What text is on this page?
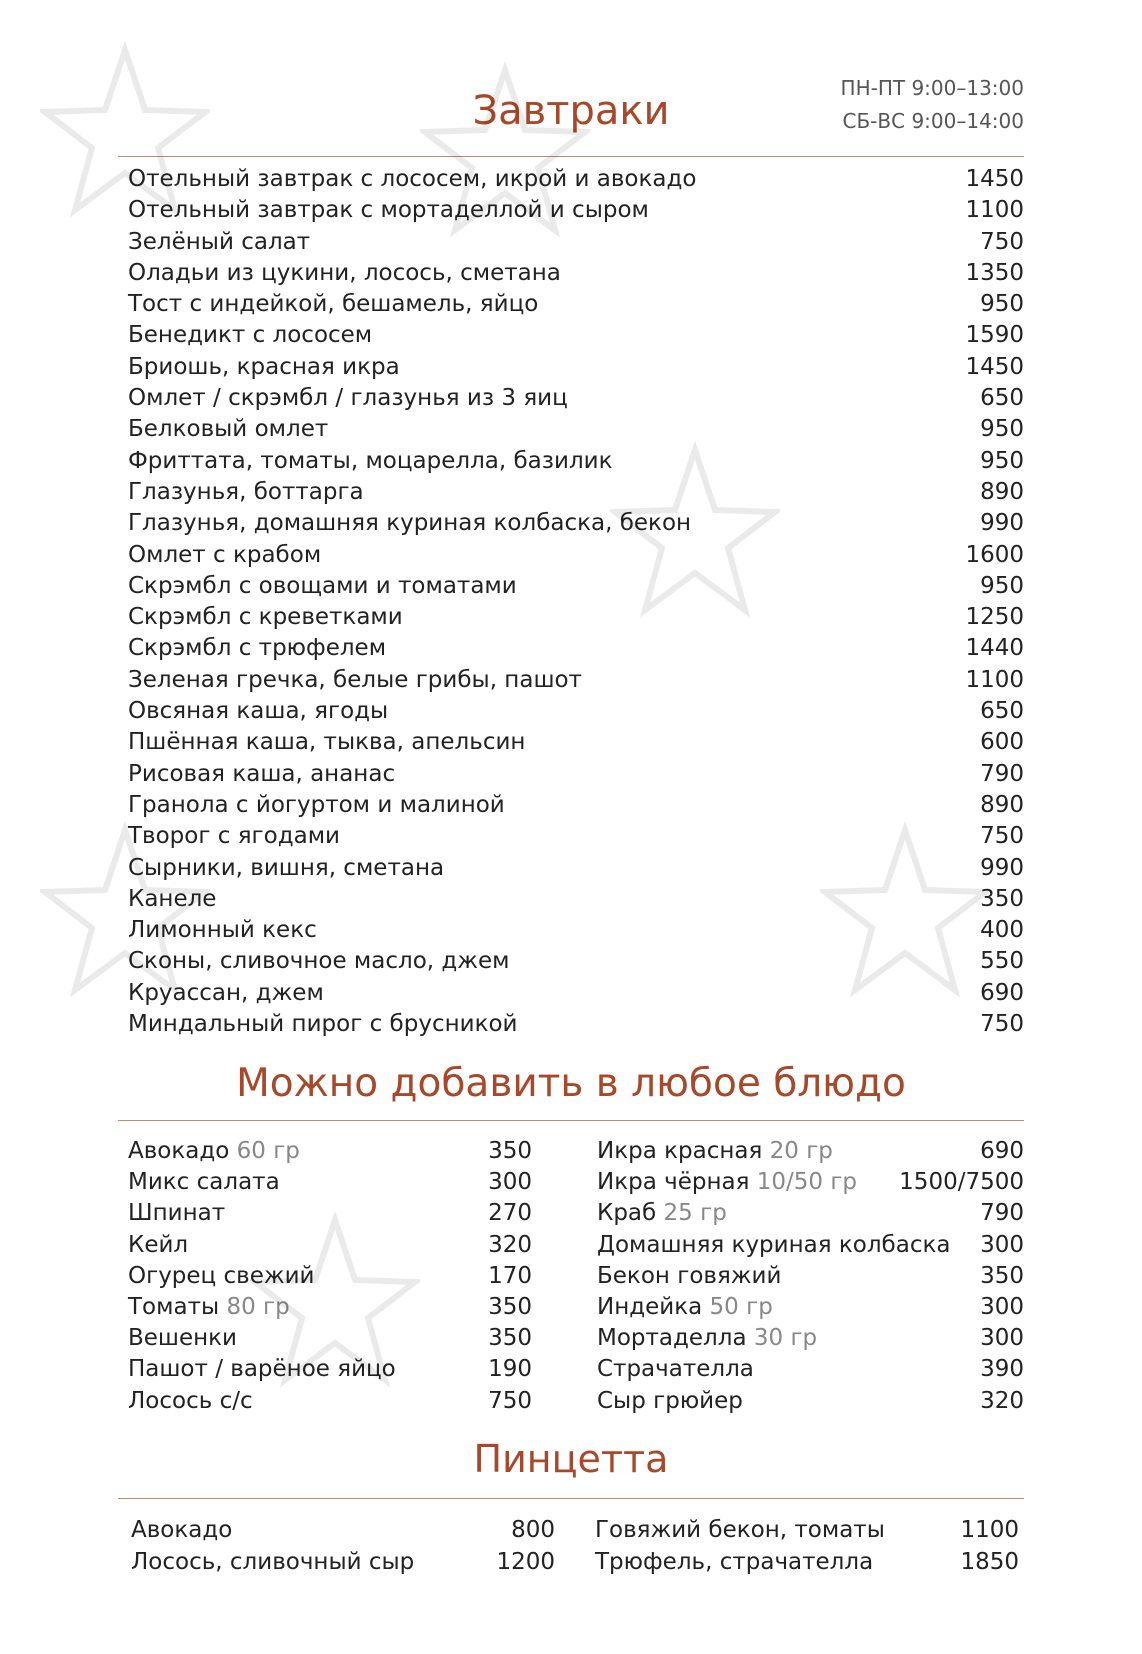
ПН-ПТ 9:00–13:00
СБ-ВС 9:00–14:00
Завтраки
Отельный завтрак с лососем, икрой и авокадо	1450
Отельный завтрак с мортаделлой и сыром	1100
Зелёный салат	750
Оладьи из цукини, лосось, сметана	1350
Тост с индейкой, бешамель, яйцо	950
Бенедикт с лососем	1590
Бриошь, красная икра	1450
Омлет / скрэмбл / глазунья из 3 яиц	650
Белковый омлет	950
Фриттата, томаты, моцарелла, базилик	950
Глазунья, боттарга	890
Глазунья, домашняя куриная колбаска, бекон	990
Омлет с крабом	1600
Скрэмбл с овощами и томатами	950
Скрэмбл с креветками	1250
Скрэмбл с трюфелем	1440
Зеленая гречка, белые грибы, пашот	1100
Овсяная каша, ягоды	650
Пшённая каша, тыква, апельсин	600
Рисовая каша, ананас	790
Гранола с йогуртом и малиной	890
Творог с ягодами	750
Сырники, вишня, сметана	990
Канеле	350
Лимонный кекс	400
Сконы, сливочное масло, джем	550
Круассан, джем	690
Миндальный пирог с брусникой	750
Можно добавить в любое блюдо
Авокадо 60 гр	350
Микс салата	300
Шпинат	270
Кейл	320
Огурец свежий	170
Томаты 80 гр	350
Вешенки	350
Пашот / варёное яйцо	190
Лосось с/с	750
Икра красная 20 гр	690
Икра чёрная 10/50 гр 1500/7500
Краб 25 гр	790
Домашняя куриная колбаска 300
Бекон говяжий	350
Индейка 50 гр	300
Мортаделла 30 гр	300
Страчателла	390
Сыр грюйер	320
Пинцетта
Авокадо	800
Лосось, сливочный сыр	1200
Говяжий бекон, томаты	1100
Трюфель, страчателла	1850
